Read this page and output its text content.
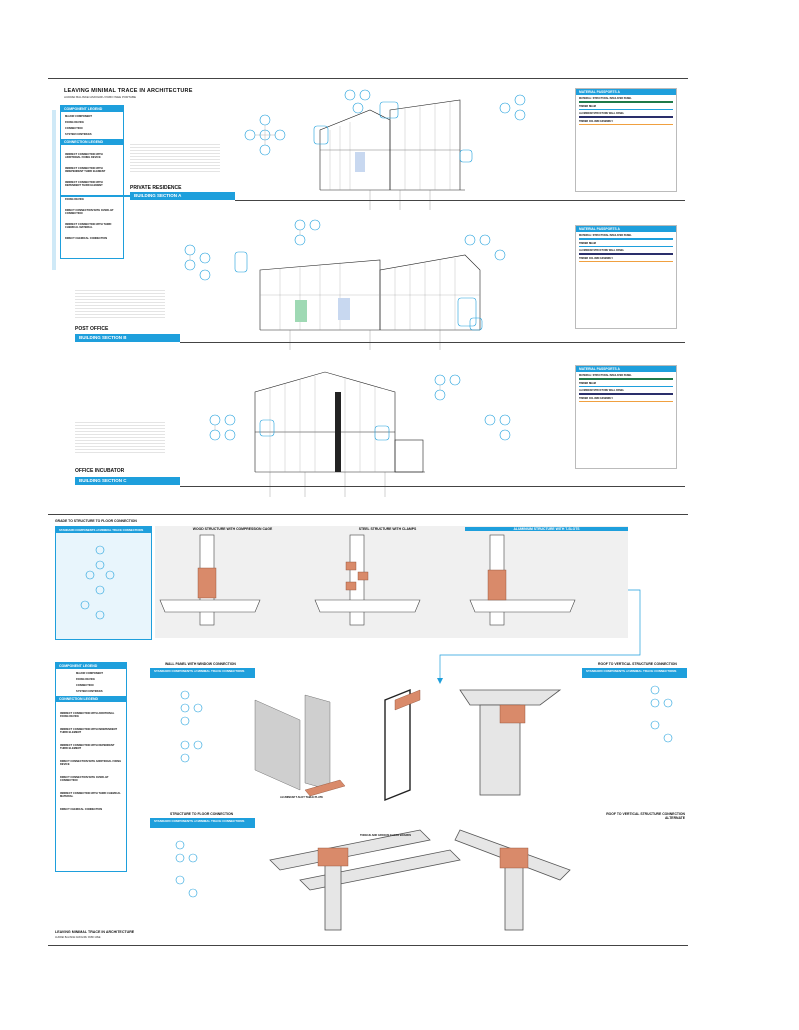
LEAVING MINIMAL TRACE IN ARCHITECTURE
AUDREI BALISKEI AMOGIRU PABO WEE PORTABE
COMPONENT LEGEND
MAJOR COMPONENT
FIXING DEVICE
CONNECTION
SYSTEM CONTINUES
CONNECTION LEGEND
INDIRECT CONNECTION WITH ADDITIONAL FIXING DEVICE
INDIRECT CONNECTION WITH INDEPENDENT THIRD ELEMENT
INDIRECT CONNECTION WITH DEPENDENT THIRD ELEMENT
FIXING DEVICE
DIRECT CONNECTION WITH OVERLAP CONNECTION
INDIRECT CONNECTION WITH THIRD CHEMICAL MATERIAL
DIRECT CHEMICAL CONNECTION
PRIVATE RESIDENCE
BUILDING SECTION A
POST OFFICE
BUILDING SECTION B
OFFICE INCUBATOR
BUILDING SECTION C
MATERIAL PASSPORTS A
MATERIAL: STRUCTURAL INSULATED PANEL
TIMBER BEAM
ALUMINIUM STRUCTURE WALL PANEL
TIMBER COLUMN ASSEMBLY
MATERIAL PASSPORTS A
MATERIAL: STRUCTURAL INSULATED PANEL
TIMBER BEAM
ALUMINIUM STRUCTURE WALL PANEL
TIMBER COLUMN ASSEMBLY
MATERIAL PASSPORTS A
MATERIAL: STRUCTURAL INSULATED PANEL
TIMBER BEAM
ALUMINIUM STRUCTURE WALL PANEL
TIMBER COLUMN ASSEMBLY
GRADE TO STRUCTURE TO FLOOR CONNECTION
STANDARD COMPONENTS of MINIMAL TRACE CONNECTIONS	WOOD STRUCTURE WITH COMPRESSION CAGE	STEEL STRUCTURE WITH CLAMPS	ALUMINIUM STRUCTURE WITH T-SLOTS
COMPONENT LEGEND
MAJOR COMPONENT
FIXING DEVICE
CONNECTION
SYSTEM CONTINUES
CONNECTION LEGEND
INDIRECT CONNECTION WITH ADDITIONAL FIXING DEVICE
INDIRECT CONNECTION WITH INDEPENDENT THIRD ELEMENT
INDIRECT CONNECTION WITH DEPENDENT THIRD ELEMENT
DIRECT CONNECTION WITH ADDITIONAL FIXING DEVICE
DIRECT CONNECTION WITH OVERLAP CONNECTION
INDIRECT CONNECTION WITH THIRD CHEMICAL MATERIAL
DIRECT CHEMICAL CONNECTION
WALL PANEL WITH WINDOW CONNECTION
STANDARD COMPONENTS of MINIMAL TRACE CONNECTIONS
ROOF TO VERTICAL STRUCTURE CONNECTION
STANDARD COMPONENTS of MINIMAL TRACE CONNECTIONS
STRUCTURE TO FLOOR CONNECTION
STANDARD COMPONENTS of MINIMAL TRACE CONNECTIONS
ROOF TO VERTICAL STRUCTURE CONNECTION ALTERNATE
ALUMINIUM T-SLOT TABLE PLATE
TONGUE AND GROOVE FLOOR BOARDS
LEAVING MINIMAL TRACE IN ARCHITECTURE
AUDREI BALISKEI AMOGIRU PABO WEE
